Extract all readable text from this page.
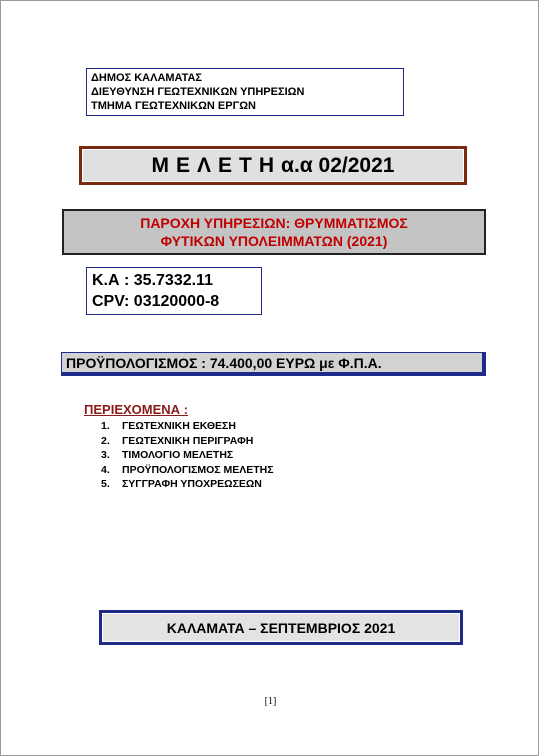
ΔΗΜΟΣ ΚΑΛΑΜΑΤΑΣ
ΔΙΕΥΘΥΝΣΗ ΓΕΩΤΕΧΝΙΚΩΝ ΥΠΗΡΕΣΙΩΝ
ΤΜΗΜΑ ΓΕΩΤΕΧΝΙΚΩΝ ΕΡΓΩΝ
ΜΕΛΕΤΗ α.α 02/2021
ΠΑΡΟΧΗ ΥΠΗΡΕΣΙΩΝ: ΘΡΥΜΜΑΤΙΣΜΟΣ
ΦΥΤΙΚΩΝ ΥΠΟΛΕΙΜΜΑΤΩΝ (2021)
Κ.Α : 35.7332.11
CPV: 03120000-8
ΠΡΟΫΠΟΛΟΓΙΣΜΟΣ : 74.400,00 ΕΥΡΩ με Φ.Π.Α.
ΠΕΡΙΕΧΟΜΕΝΑ :
1. ΓΕΩΤΕΧΝΙΚΗ ΕΚΘΕΣΗ
2. ΓΕΩΤΕΧΝΙΚΗ ΠΕΡΙΓΡΑΦΗ
3. ΤΙΜΟΛΟΓΙΟ ΜΕΛΕΤΗΣ
4. ΠΡΟΫΠΟΛΟΓΙΣΜΟΣ ΜΕΛΕΤΗΣ
5. ΣΥΓΓΡΑΦΗ ΥΠΟΧΡΕΩΣΕΩΝ
ΚΑΛΑΜΑΤΑ – ΣΕΠΤΕΜΒΡΙΟΣ 2021
[1]
